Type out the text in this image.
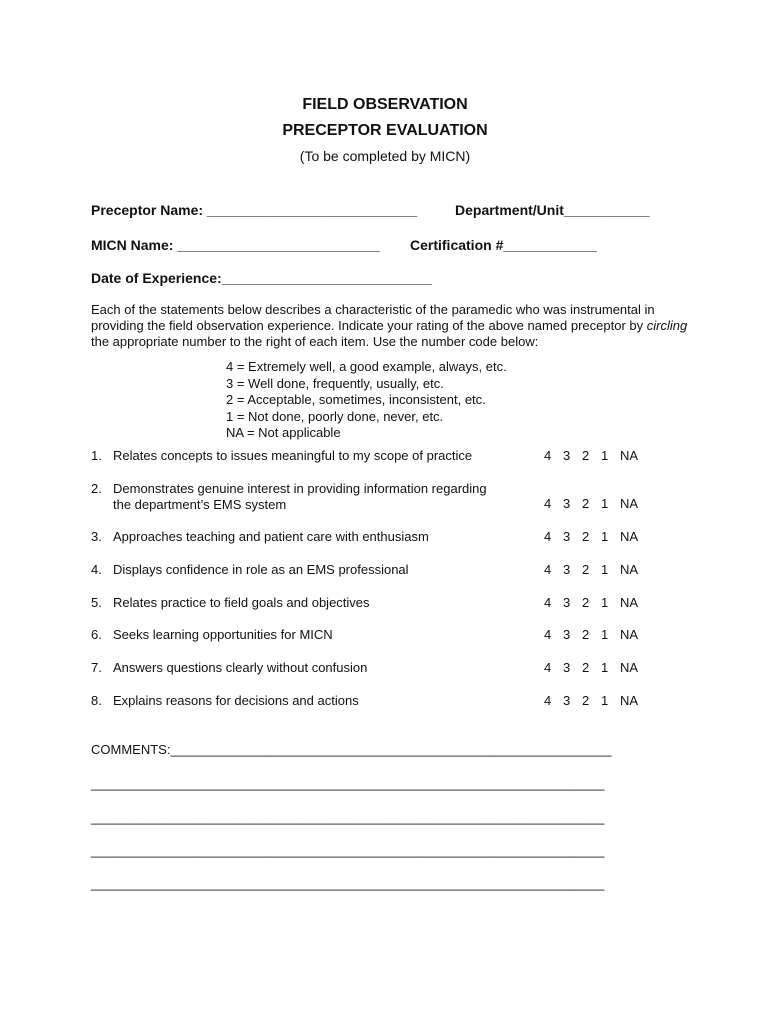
FIELD OBSERVATION
PRECEPTOR EVALUATION
(To be completed by MICN)
Preceptor Name: ___________________________	Department/Unit___________
MICN Name: __________________________ Certification #____________
Date of Experience:___________________________
Each of the statements below describes a characteristic of the paramedic who was instrumental in providing the field observation experience. Indicate your rating of the above named preceptor by circling the appropriate number to the right of each item. Use the number code below:
4 = Extremely well, a good example, always, etc.
3 = Well done, frequently, usually, etc.
2 = Acceptable, sometimes, inconsistent, etc.
1 = Not done, poorly done, never, etc.
NA = Not applicable
1. Relates concepts to issues meaningful to my scope of practice	4 3 2 1 NA
2. Demonstrates genuine interest in providing information regarding
the department’s EMS system	4 3 2 1 NA
3. Approaches teaching and patient care with enthusiasm	4 3 2 1 NA
4. Displays confidence in role as an EMS professional	4 3 2 1 NA
5. Relates practice to field goals and objectives	4 3 2 1 NA
6. Seeks learning opportunities for MICN	4 3 2 1 NA
7. Answers questions clearly without confusion	4 3 2 1 NA
8. Explains reasons for decisions and actions	4 3 2 1 NA
COMMENTS:_____________________________________________________________
_______________________________________________________________________
_______________________________________________________________________
_______________________________________________________________________
_______________________________________________________________________
